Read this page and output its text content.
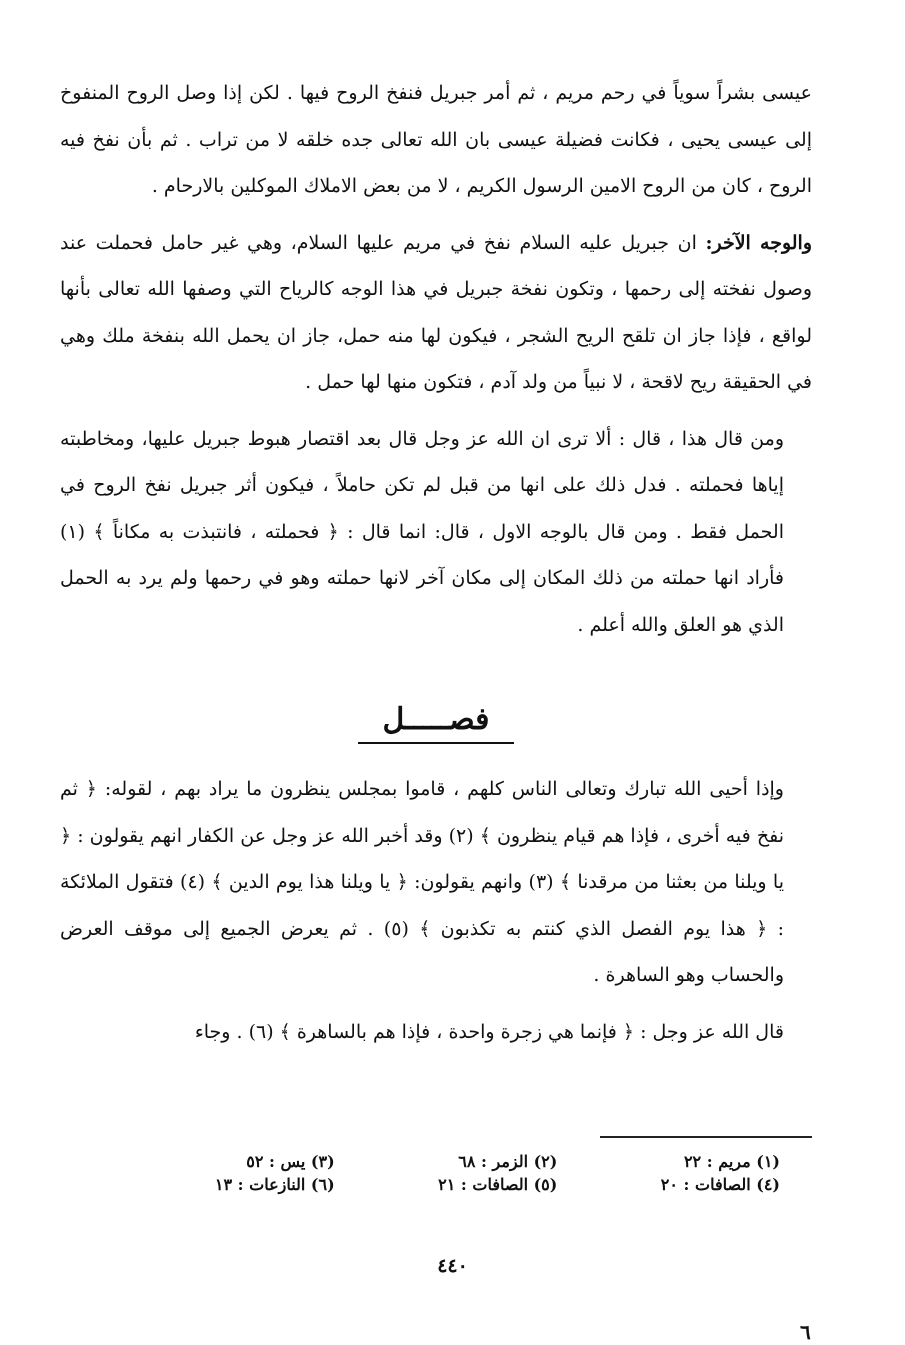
عيسى بشراً سوياً في رحم مريم ، ثم أمر جبريل فنفخ الروح فيها . لكن إذا وصل الروح المنفوخ إلى عيسى يحيى ، فكانت فضيلة عيسى بان الله تعالى جده خلقه لا من تراب . ثم بأن نفخ فيه الروح ، كان من الروح الامين الرسول الكريم ، لا من بعض الاملاك الموكلين بالارحام .

والوجه الآخر: ان جبريل عليه السلام نفخ في مريم عليها السلام، وهي غير حامل فحملت عند وصول نفخته إلى رحمها ، وتكون نفخة جبريل في هذا الوجه كالرياح التي وصفها الله تعالى بأنها لواقع ، فإذا جاز ان تلقح الريح الشجر ، فيكون لها منه حمل، جاز ان يحمل الله بنفخة ملك وهي في الحقيقة ريح لاقحة ، لا نبياً من ولد آدم ، فتكون منها لها حمل .

ومن قال هذا ، قال : ألا ترى ان الله عز وجل قال بعد اقتصار هبوط جبريل عليها، ومخاطبته إياها فحملته . فدل ذلك على انها من قبل لم تكن حاملاً ، فيكون أثر جبريل نفخ الروح في الحمل فقط . ومن قال بالوجه الاول ، قال: انما قال : ﴿ فحملته ، فانتبذت به مكاناً ﴾ (١) فأراد انها حملته من ذلك المكان إلى مكان آخر لانها حملته وهو في رحمها ولم يرد به الحمل الذي هو العلق والله أعلم .

فصـــــل

وإذا أحيى الله تبارك وتعالى الناس كلهم ، قاموا بمجلس ينظرون ما يراد بهم ، لقوله: ﴿ ثم نفخ فيه أخرى ، فإذا هم قيام ينظرون ﴾ (٢) وقد أخبر الله عز وجل عن الكفار انهم يقولون : ﴿ يا ويلنا من بعثنا من مرقدنا ﴾ (٣) وانهم يقولون: ﴿ يا ويلنا هذا يوم الدين ﴾ (٤) فتقول الملائكة : ﴿ هذا يوم الفصل الذي كنتم به تكذبون ﴾ (٥) . ثم يعرض الجميع إلى موقف العرض والحساب وهو الساهرة .

قال الله عز وجل : ﴿ فإنما هي زجرة واحدة ، فإذا هم بالساهرة ﴾ (٦) . وجاء

(١) مريم : ٢٢
(٢) الزمر : ٦٨
(٣) يس : ٥٢
(٤) الصافات : ٢٠
(٥) الصافات : ٢١
(٦) النازعات : ١٣
٤٤٠
٦
